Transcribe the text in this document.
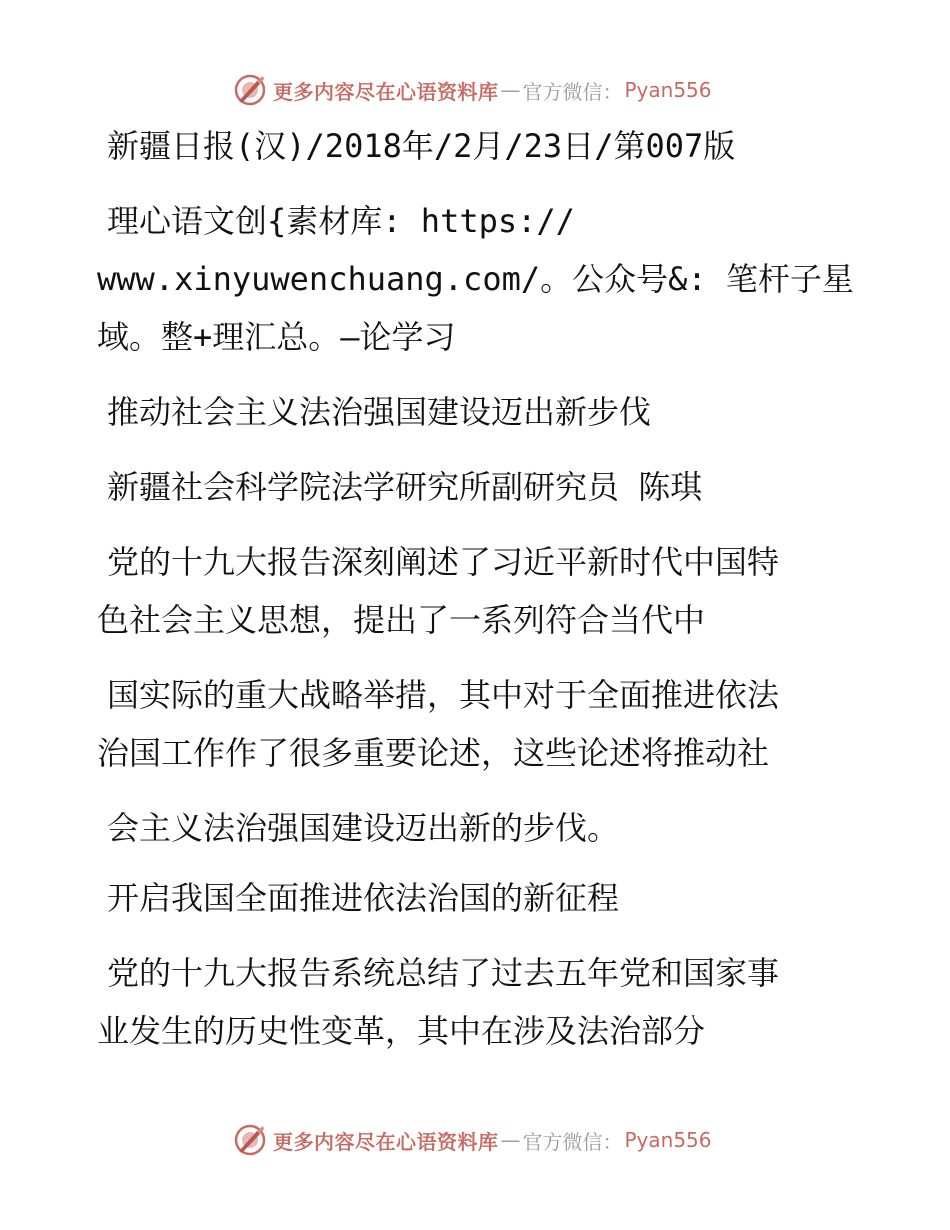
更多内容尽在心语资料库 — 官方微信： Pyan556
新疆日报(汉)/2018年/2月/23日/第007版
理心语文创{素材库: https://
www.xinyuwenchuang.com/。公众号&: 笔杆子星
域。整+理汇总。—论学习
推动社会主义法治强国建设迈出新步伐
新疆社会科学院法学研究所副研究员 陈琪
党的十九大报告深刻阐述了习近平新时代中国特
色社会主义思想，提出了一系列符合当代中
国实际的重大战略举措，其中对于全面推进依法
治国工作作了很多重要论述，这些论述将推动社
会主义法治强国建设迈出新的步伐。
开启我国全面推进依法治国的新征程
党的十九大报告系统总结了过去五年党和国家事
业发生的历史性变革，其中在涉及法治部分
更多内容尽在心语资料库 — 官方微信： Pyan556
